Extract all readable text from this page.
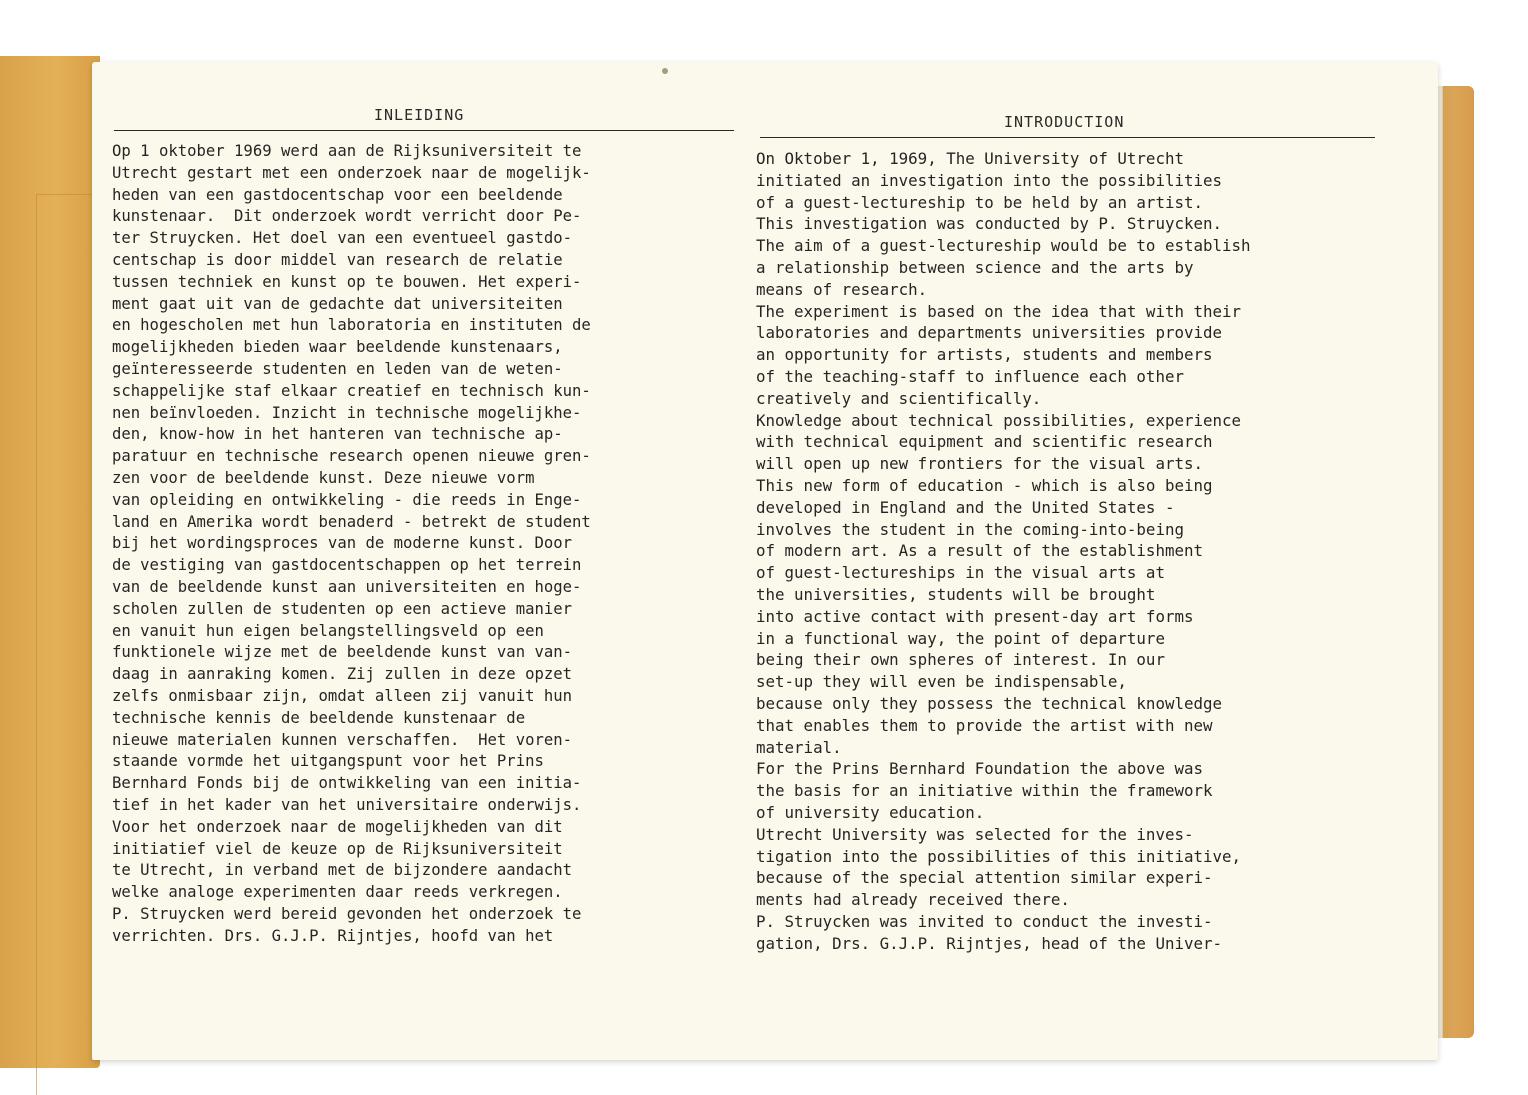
INLEIDING	INTRODUCTION
Op 1 oktober 1969 werd aan de Rijksuniversiteit te
Utrecht gestart met een onderzoek naar de mogelijk-
heden van een gastdocentschap voor een beeldende
kunstenaar.  Dit onderzoek wordt verricht door Pe-
ter Struycken. Het doel van een eventueel gastdo-
centschap is door middel van research de relatie
tussen techniek en kunst op te bouwen. Het experi-
ment gaat uit van de gedachte dat universiteiten
en hogescholen met hun laboratoria en instituten de
mogelijkheden bieden waar beeldende kunstenaars,
geïnteresseerde studenten en leden van de weten-
schappelijke staf elkaar creatief en technisch kun-
nen beïnvloeden. Inzicht in technische mogelijkhe-
den, know-how in het hanteren van technische ap-
paratuur en technische research openen nieuwe gren-
zen voor de beeldende kunst. Deze nieuwe vorm
van opleiding en ontwikkeling - die reeds in Enge-
land en Amerika wordt benaderd - betrekt de student
bij het wordingsproces van de moderne kunst. Door
de vestiging van gastdocentschappen op het terrein
van de beeldende kunst aan universiteiten en hoge-
scholen zullen de studenten op een actieve manier
en vanuit hun eigen belangstellingsveld op een
funktionele wijze met de beeldende kunst van van-
daag in aanraking komen. Zij zullen in deze opzet
zelfs onmisbaar zijn, omdat alleen zij vanuit hun
technische kennis de beeldende kunstenaar de
nieuwe materialen kunnen verschaffen.  Het voren-
staande vormde het uitgangspunt voor het Prins
Bernhard Fonds bij de ontwikkeling van een initia-
tief in het kader van het universitaire onderwijs.
Voor het onderzoek naar de mogelijkheden van dit
initiatief viel de keuze op de Rijksuniversiteit
te Utrecht, in verband met de bijzondere aandacht
welke analoge experimenten daar reeds verkregen.
P. Struycken werd bereid gevonden het onderzoek te
verrichten. Drs. G.J.P. Rijntjes, hoofd van het
On Oktober 1, 1969, The University of Utrecht
initiated an investigation into the possibilities
of a guest-lectureship to be held by an artist.
This investigation was conducted by P. Struycken.
The aim of a guest-lectureship would be to establish
a relationship between science and the arts by
means of research.
The experiment is based on the idea that with their
laboratories and departments universities provide
an opportunity for artists, students and members
of the teaching-staff to influence each other
creatively and scientifically.
Knowledge about technical possibilities, experience
with technical equipment and scientific research
will open up new frontiers for the visual arts.
This new form of education - which is also being
developed in England and the United States -
involves the student in the coming-into-being
of modern art. As a result of the establishment
of guest-lectureships in the visual arts at
the universities, students will be brought
into active contact with present-day art forms
in a functional way, the point of departure
being their own spheres of interest. In our
set-up they will even be indispensable,
because only they possess the technical knowledge
that enables them to provide the artist with new
material.
For the Prins Bernhard Foundation the above was
the basis for an initiative within the framework
of university education.
Utrecht University was selected for the inves-
tigation into the possibilities of this initiative,
because of the special attention similar experi-
ments had already received there.
P. Struycken was invited to conduct the investi-
gation, Drs. G.J.P. Rijntjes, head of the Univer-
